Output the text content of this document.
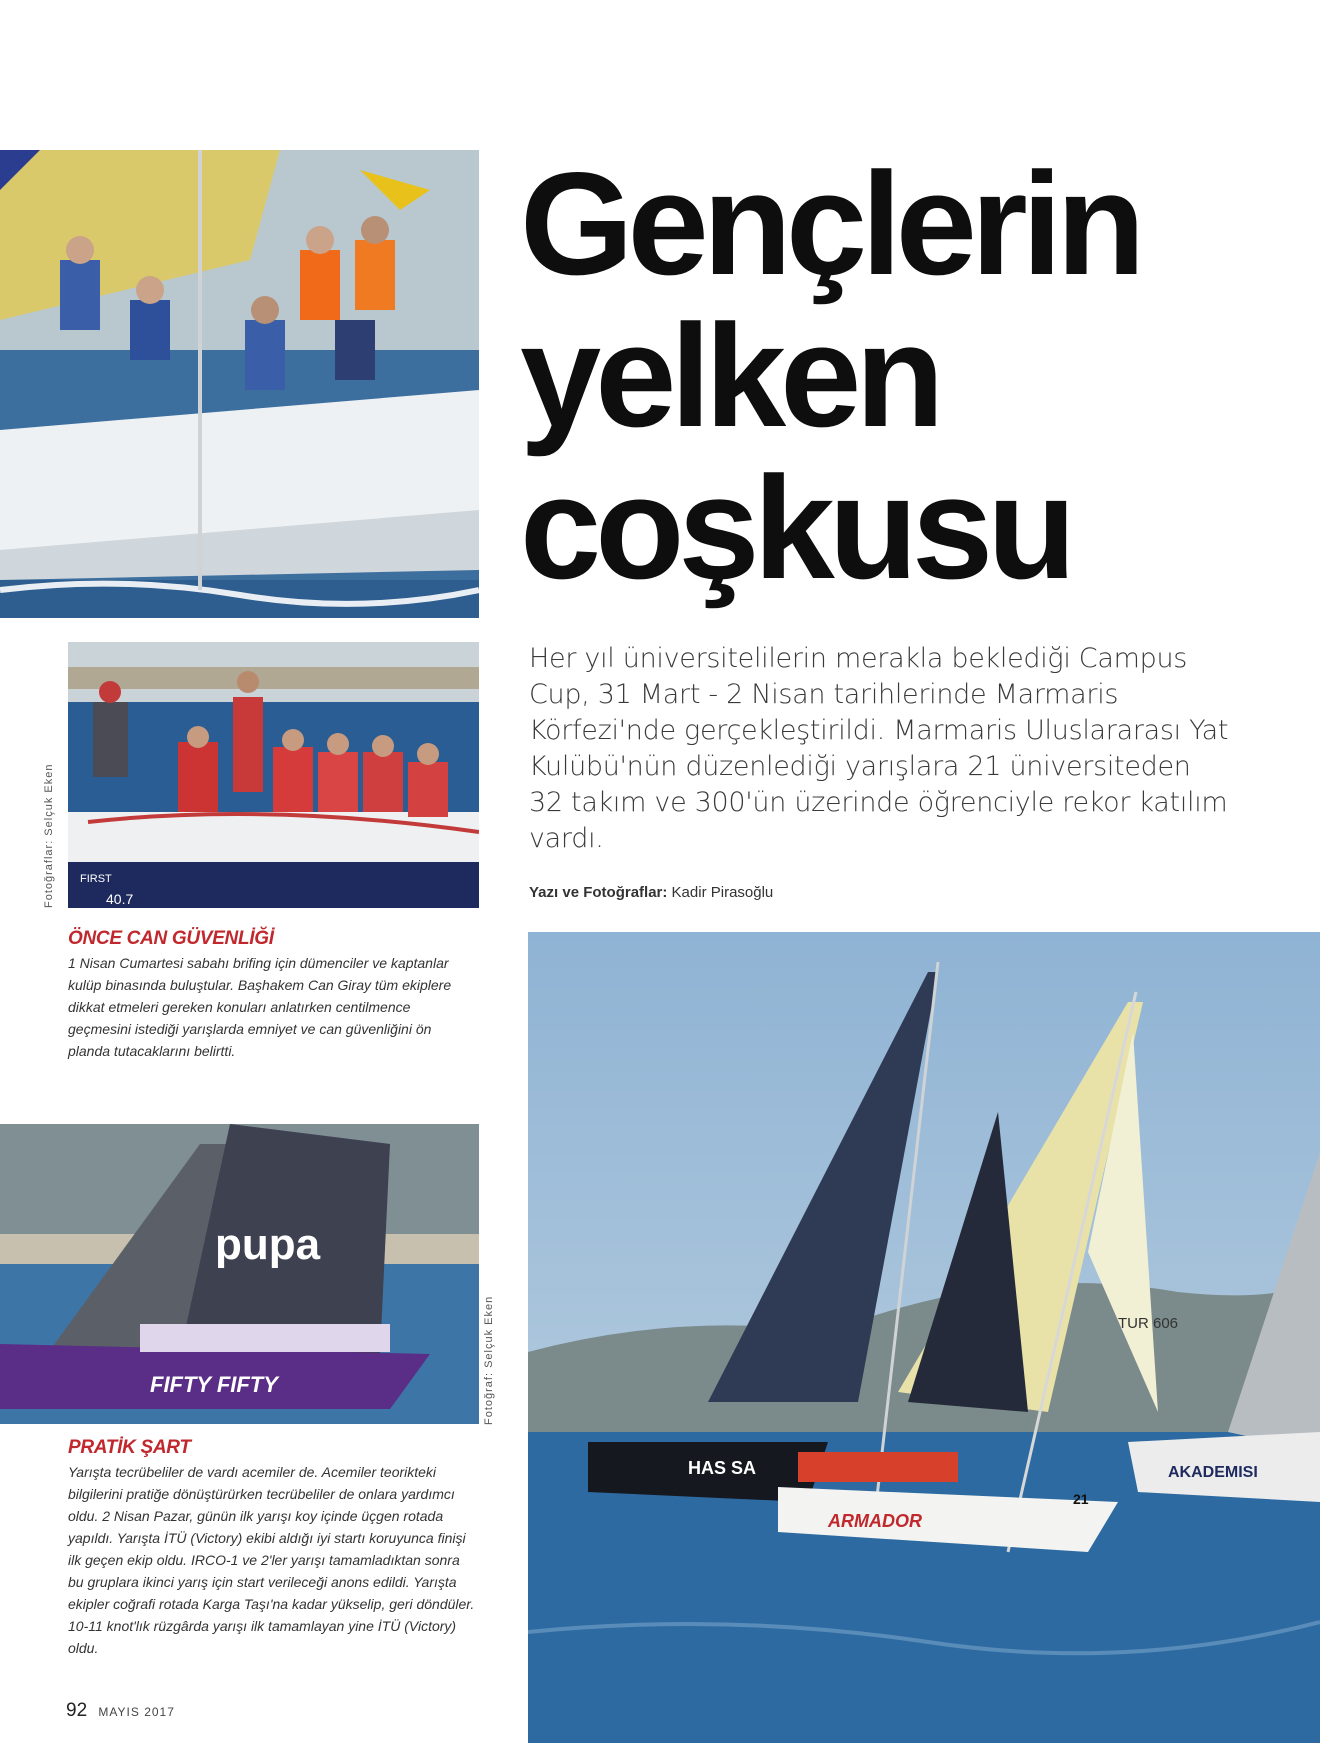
Fotoğraflar: Selçuk Eken FIRST
40.7
ÖNCE CAN GÜVENLİĞİ
1 Nisan Cumartesi sabahı brifing için dümenciler ve kaptanlar kulüp binasında buluştular. Başhakem Can Giray tüm ekiplere dikkat etmeleri gereken konuları anlatırken centilmence geçmesini istediği yarışlarda emniyet ve can güvenliğini ön planda tutacaklarını belirtti.
pupa
FIFTY FIFTY	Fotoğraf: Selçuk Eken
PRATİK ŞART
Yarışta tecrübeliler de vardı acemiler de. Acemiler teorikteki bilgilerini pratiğe dönüştürürken tecrübeliler de onlara yardımcı oldu. 2 Nisan Pazar, günün ilk yarışı koy içinde üçgen rotada yapıldı. Yarışta İTÜ (Victory) ekibi aldığı iyi startı koruyunca finişi ilk geçen ekip oldu. IRCO-1 ve 2'ler yarışı tamamladıktan sonra bu gruplara ikinci yarış için start verileceği anons edildi. Yarışta ekipler coğrafi rotada Karga Taşı'na kadar yükselip, geri döndüler. 10-11 knot'lık rüzgârda yarışı ilk tamamlayan yine İTÜ (Victory) oldu.
Gençlerin
yelken
coşkusu

Her yıl üniversitelilerin merakla beklediği Campus Cup, 31 Mart - 2 Nisan tarihlerinde Marmaris Körfezi'nde gerçekleştirildi. Marmaris Uluslararası Yat Kulübü'nün düzenlediği yarışlara 21 üniversiteden 32 takım ve 300'ün üzerinde öğrenciyle rekor katılım vardı.

Yazı ve Fotoğraflar: Kadir Pirasoğlu
TUR 606
HAS SA
ARMADOR
21
AKADEMISI
92 MAYIS 2017
